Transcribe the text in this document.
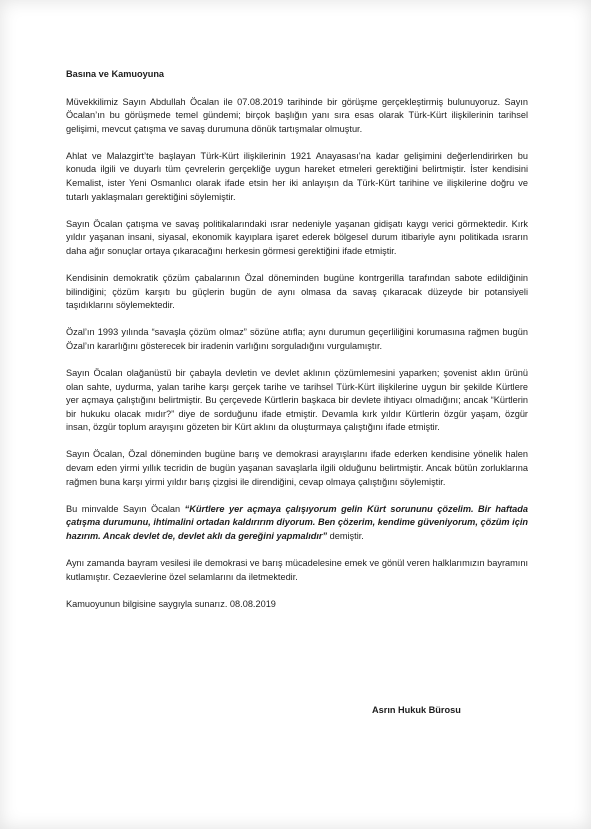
Basına ve Kamuoyuna

Müvekkilimiz Sayın Abdullah Öcalan ile 07.08.2019 tarihinde bir görüşme gerçekleştirmiş bulunuyoruz. Sayın Öcalan’ın bu görüşmede temel gündemi; birçok başlığın yanı sıra esas olarak Türk-Kürt ilişkilerinin tarihsel gelişimi, mevcut çatışma ve savaş durumuna dönük tartışmalar olmuştur.

Ahlat ve Malazgirt’te başlayan Türk-Kürt ilişkilerinin 1921 Anayasası’na kadar gelişimini değerlendirirken bu konuda ilgili ve duyarlı tüm çevrelerin gerçekliğe uygun hareket etmeleri gerektiğini belirtmiştir. İster kendisini Kemalist, ister Yeni Osmanlıcı olarak ifade etsin her iki anlayışın da Türk-Kürt tarihine ve ilişkilerine doğru ve tutarlı yaklaşmaları gerektiğini söylemiştir.

Sayın Öcalan çatışma ve savaş politikalarındaki ısrar nedeniyle yaşanan gidişatı kaygı verici görmektedir. Kırk yıldır yaşanan insani, siyasal, ekonomik kayıplara işaret ederek bölgesel durum itibariyle aynı politikada ısrarın daha ağır sonuçlar ortaya çıkaracağını herkesin görmesi gerektiğini ifade etmiştir.

Kendisinin demokratik çözüm çabalarının Özal döneminden bugüne kontrgerilla tarafından sabote edildiğinin bilindiğini; çözüm karşıtı bu güçlerin bugün de aynı olmasa da savaş çıkaracak düzeyde bir potansiyeli taşıdıklarını söylemektedir.

Özal’ın 1993 yılında “savaşla çözüm olmaz” sözüne atıfla; aynı durumun geçerliliğini korumasına rağmen bugün Özal’ın kararlığını gösterecek bir iradenin varlığını sorguladığını vurgulamıştır.

Sayın Öcalan olağanüstü bir çabayla devletin ve devlet aklının çözümlemesini yaparken; şovenist aklın ürünü olan sahte, uydurma, yalan tarihe karşı gerçek tarihe ve tarihsel Türk-Kürt ilişkilerine uygun bir şekilde Kürtlere yer açmaya çalıştığını belirtmiştir. Bu çerçevede Kürtlerin başkaca bir devlete ihtiyacı olmadığını; ancak “Kürtlerin bir hukuku olacak mıdır?” diye de sorduğunu ifade etmiştir. Devamla kırk yıldır Kürtlerin özgür yaşam, özgür insan, özgür toplum arayışını gözeten bir Kürt aklını da oluşturmaya çalıştığını ifade etmiştir.

Sayın Öcalan, Özal döneminden bugüne barış ve demokrasi arayışlarını ifade ederken kendisine yönelik halen devam eden yirmi yıllık tecridin de bugün yaşanan savaşlarla ilgili olduğunu belirtmiştir. Ancak bütün zorluklarına rağmen buna karşı yirmi yıldır barış çizgisi ile direndiğini, cevap olmaya çalıştığını söylemiştir.

Bu minvalde Sayın Öcalan “Kürtlere yer açmaya çalışıyorum gelin Kürt sorununu çözelim. Bir haftada çatışma durumunu, ihtimalini ortadan kaldırırım diyorum. Ben çözerim, kendime güveniyorum, çözüm için hazırım. Ancak devlet de, devlet aklı da gereğini yapmalıdır” demiştir.

Aynı zamanda bayram vesilesi ile demokrasi ve barış mücadelesine emek ve gönül veren halklarımızın bayramını kutlamıştır. Cezaevlerine özel selamlarını da iletmektedir.

Kamuoyunun bilgisine saygıyla sunarız. 08.08.2019

Asrın Hukuk Bürosu
